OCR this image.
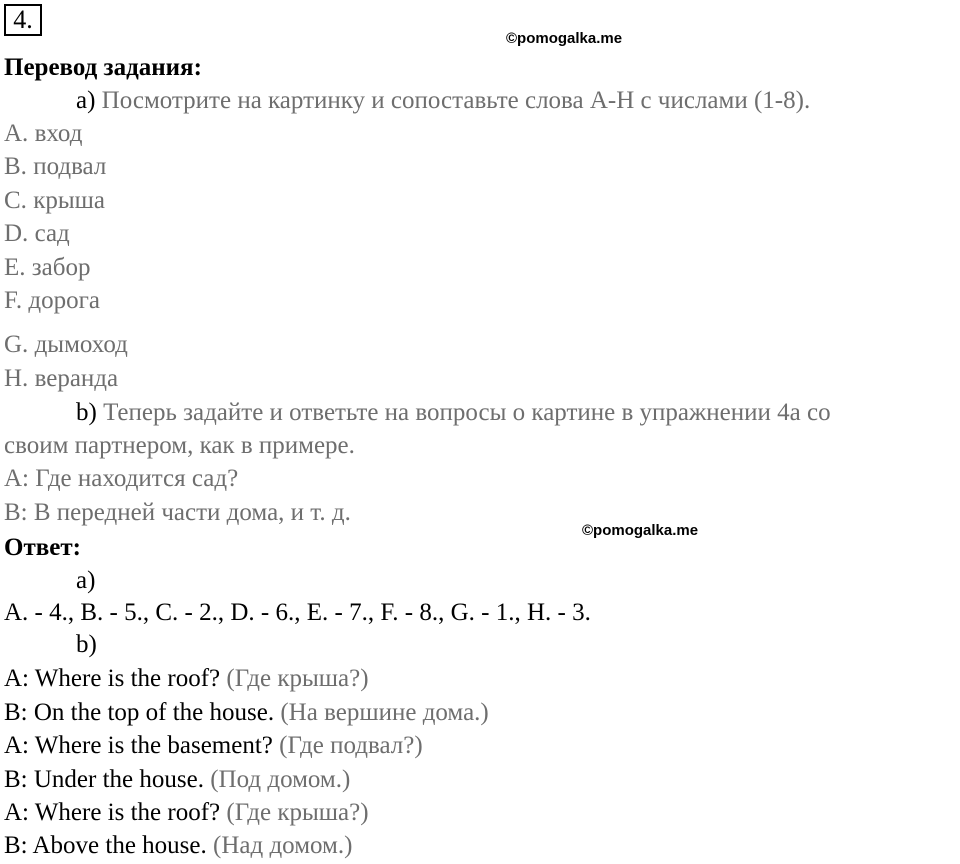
4.
©pomogalka.me
Перевод задания:
a) Посмотрите на картинку и сопоставьте слова A-H с числами (1-8).
A. вход
B. подвал
C. крыша
D. сад
E. забор
F. дорога
G. дымоход
H. веранда
b) Теперь задайте и ответьте на вопросы о картине в упражнении 4a со
своим партнером, как в примере.
A: Где находится сад?
B: В передней части дома, и т. д.
©pomogalka.me
Ответ:
a)
A. - 4., B. - 5., C. - 2., D. - 6., E. - 7., F. - 8., G. - 1., H. - 3.
b)
A: Where is the roof? (Где крыша?)
B: On the top of the house. (На вершине дома.)
A: Where is the basement? (Где подвал?)
B: Under the house. (Под домом.)
A: Where is the roof? (Где крыша?)
B: Above the house. (Над домом.)
